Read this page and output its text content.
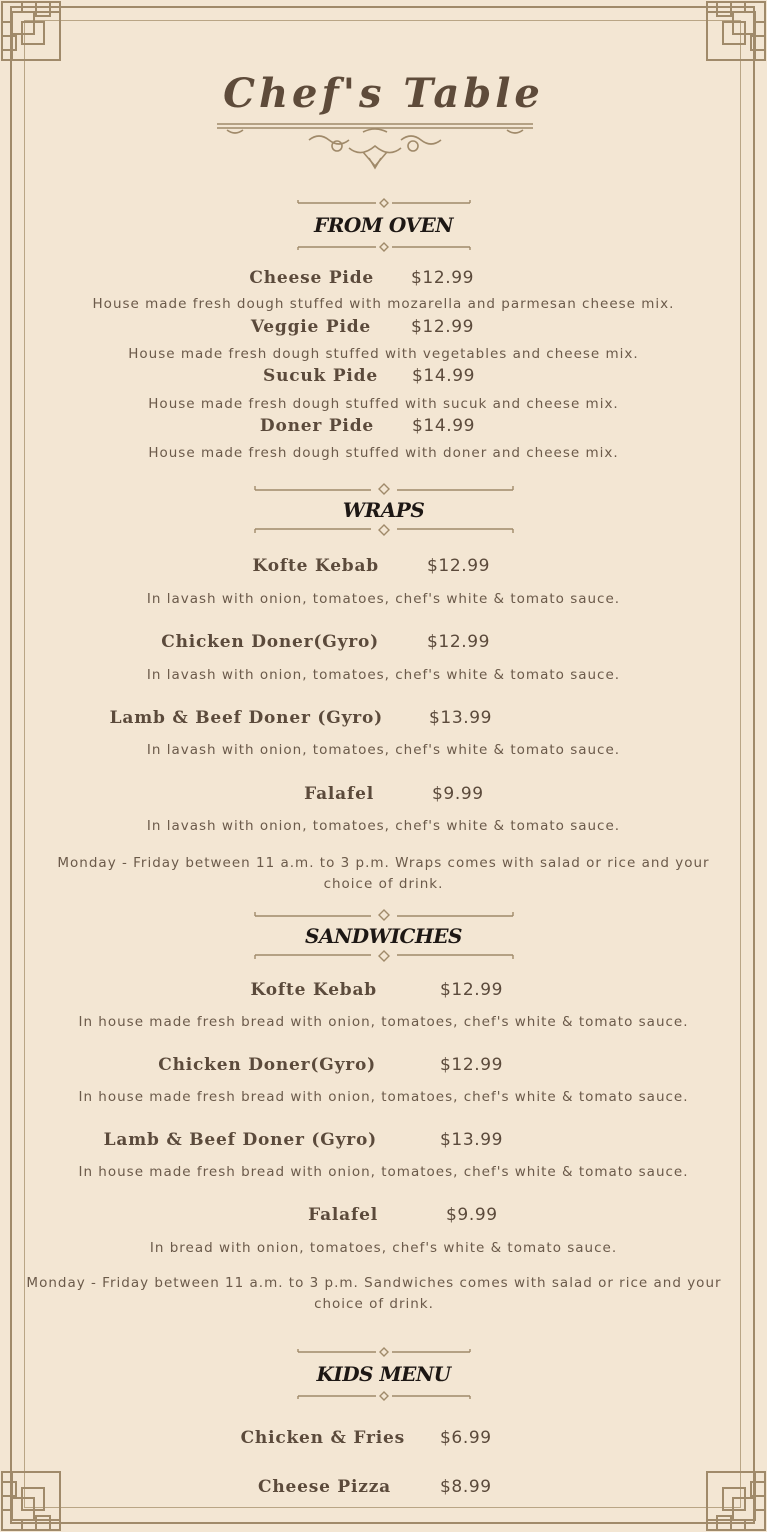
Chef's Table
FROM OVEN
Cheese Pide $12.99
House made fresh dough stuffed with mozarella and parmesan cheese mix.
Veggie Pide $12.99
House made fresh dough stuffed with vegetables and cheese mix.
Sucuk Pide $14.99
House made fresh dough stuffed with sucuk and cheese mix.
Doner Pide $14.99
House made fresh dough stuffed with doner and cheese mix.
WRAPS
Kofte Kebab	$12.99
In lavash with onion, tomatoes, chef's white & tomato sauce.
Chicken Doner(Gyro)	$12.99
In lavash with onion, tomatoes, chef's white & tomato sauce.
Lamb & Beef Doner (Gyro)	$13.99
In lavash with onion, tomatoes, chef's white & tomato sauce.
Falafel	$9.99
In lavash with onion, tomatoes, chef's white & tomato sauce.
Monday - Friday between 11 a.m. to 3 p.m. Wraps comes with salad or rice and your choice of drink.
SANDWICHES
Kofte Kebab	$12.99
In house made fresh bread with onion, tomatoes, chef's white & tomato sauce.
Chicken Doner(Gyro)	$12.99
In house made fresh bread with onion, tomatoes, chef's white & tomato sauce.
Lamb & Beef Doner (Gyro)	$13.99
In house made fresh bread with onion, tomatoes, chef's white & tomato sauce.
Falafel	$9.99
In bread with onion, tomatoes, chef's white & tomato sauce.
Monday - Friday between 11 a.m. to 3 p.m. Sandwiches comes with salad or rice and your choice of drink.
KIDS MENU
Chicken & Fries $6.99
Cheese Pizza	$8.99
